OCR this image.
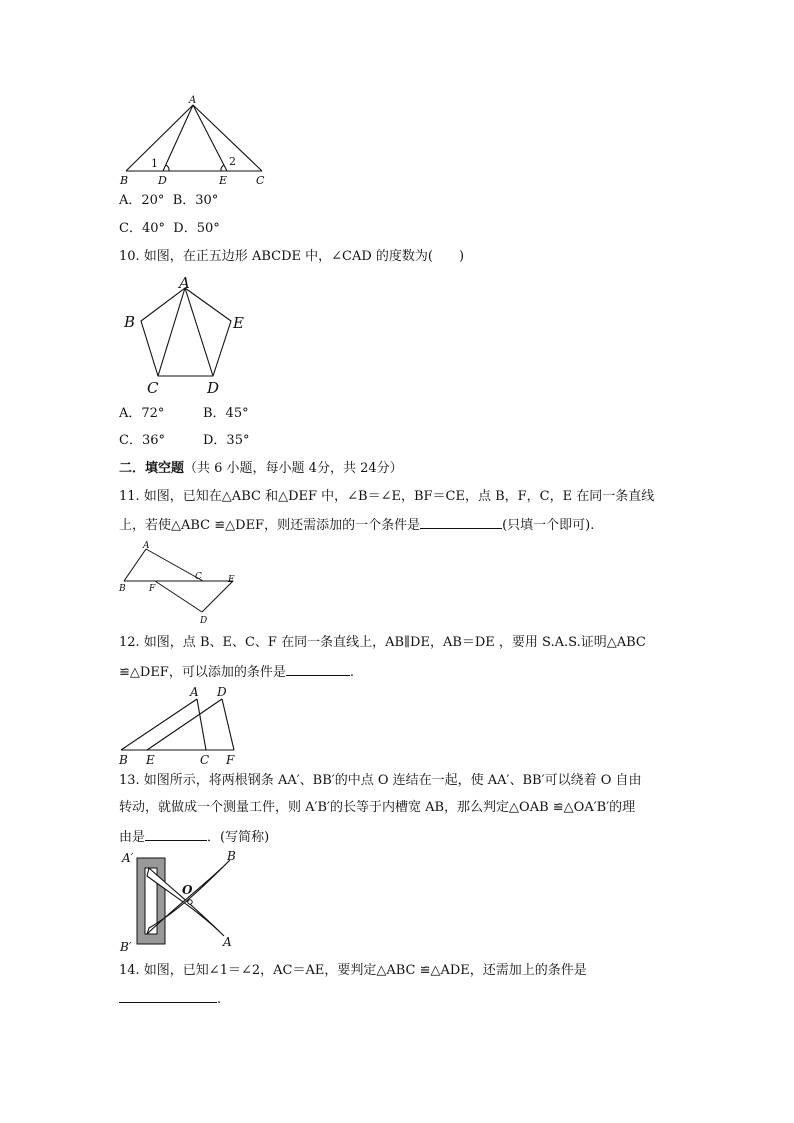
A
B	D	E	C
1	2
A．20° B．30°
C．40° D．50°
10. 如图，在正五边形 ABCDE 中，∠CAD 的度数为(　　)
A
B	E
C	D
A．72°	B．45°
C．36°	D．35°
二．填空题（共 6 小题，每小题 4分，共 24分）
11. 如图，已知在△ABC 和△DEF 中，∠B＝∠E，BF＝CE，点 B，F，C，E 在同一条直线
上，若使△ABC ≌△DEF，则还需添加的一个条件是	(只填一个即可).
A
B	F
C	E
D
12. 如图，点 B、E、C、F 在同一条直线上，AB∥DE，AB＝DE ，要用 S.A.S.证明△ABC
≌△DEF，可以添加的条件是	.
A D
B E	C F
13. 如图所示，将两根钢条 AA′、BB′的中点 O 连结在一起，使 AA′、BB′可以绕着 O 自由
转动，就做成一个测量工件，则 A′B′的长等于内槽宽 AB，那么判定△OAB ≌△OA′B′的理
由是	．(写简称)
A′	B
O
B′	A
14. 如图，已知∠1＝∠2，AC＝AE，要判定△ABC ≌△ADE，还需加上的条件是
.
